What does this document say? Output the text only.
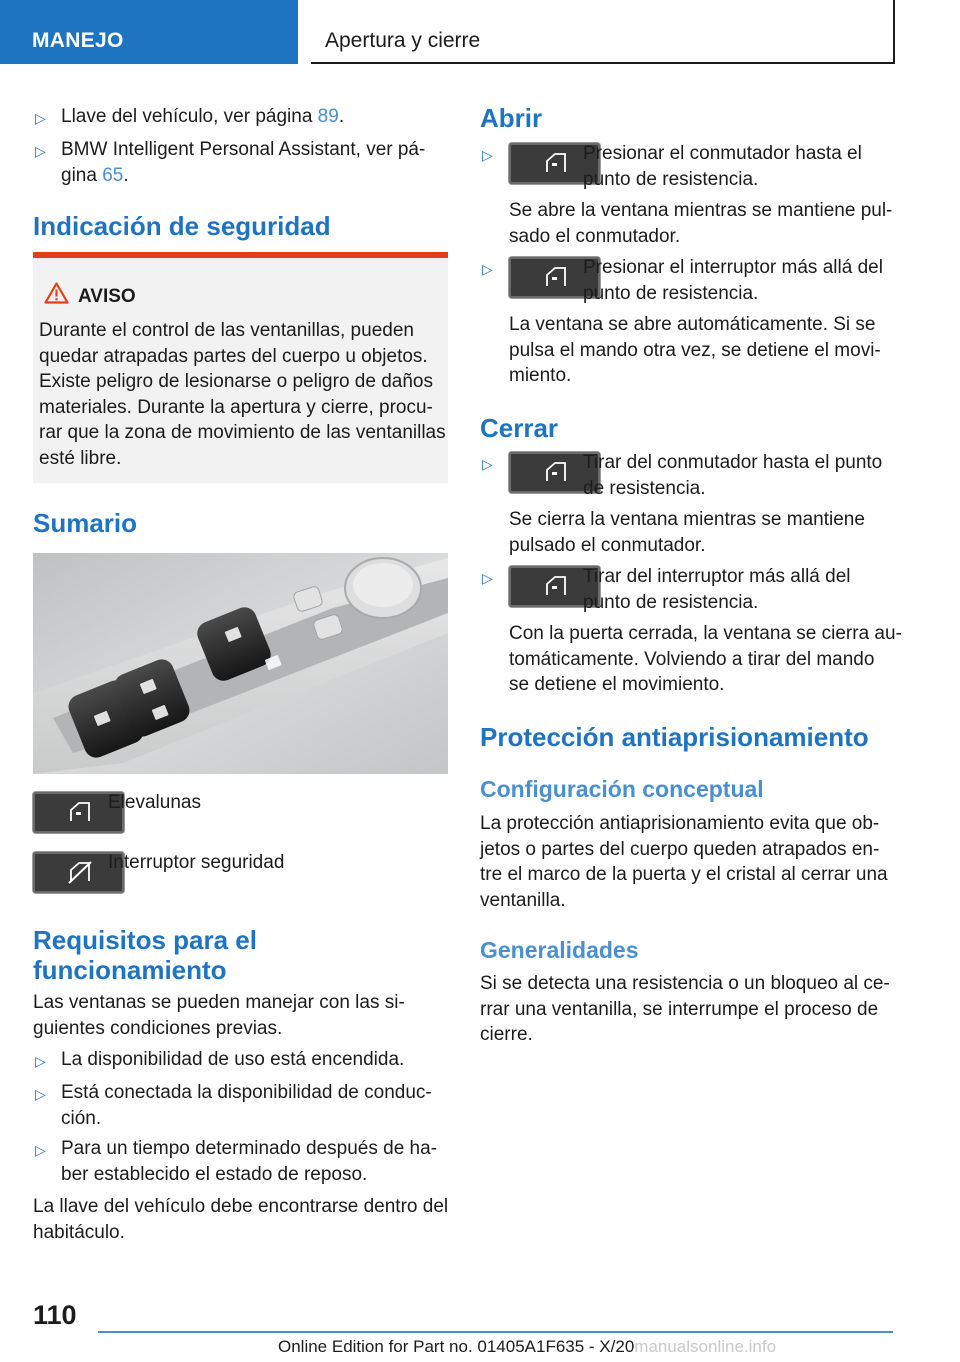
MANEJO	Apertura y cierre
▷ Llave del vehículo, ver página 89.
▷ BMW Intelligent Personal Assistant, ver pá-
gina 65.
Indicación de seguridad
AVISO
Durante el control de las ventanillas, pueden
quedar atrapadas partes del cuerpo u objetos.
Existe peligro de lesionarse o peligro de daños
materiales. Durante la apertura y cierre, procu-
rar que la zona de movimiento de las ventanillas
esté libre.
Sumario
Elevalunas
Interruptor seguridad
Requisitos para el
funcionamiento
Las ventanas se pueden manejar con las si-
guientes condiciones previas.
▷ La disponibilidad de uso está encendida.
▷ Está conectada la disponibilidad de conduc-
ción.
▷ Para un tiempo determinado después de ha-
ber establecido el estado de reposo.
La llave del vehículo debe encontrarse dentro del
habitáculo.
Abrir
▷	Presionar el conmutador hasta el
punto de resistencia.
Se abre la ventana mientras se mantiene pul-
sado el conmutador.
▷	Presionar el interruptor más allá del
punto de resistencia.
La ventana se abre automáticamente. Si se
pulsa el mando otra vez, se detiene el movi-
miento.
Cerrar
▷	Tirar del conmutador hasta el punto
de resistencia.
Se cierra la ventana mientras se mantiene
pulsado el conmutador.
▷	Tirar del interruptor más allá del
punto de resistencia.
Con la puerta cerrada, la ventana se cierra au-
tomáticamente. Volviendo a tirar del mando
se detiene el movimiento.
Protección antiaprisionamiento
Configuración conceptual
La protección antiaprisionamiento evita que ob-
jetos o partes del cuerpo queden atrapados en-
tre el marco de la puerta y el cristal al cerrar una
ventanilla.
Generalidades
Si se detecta una resistencia o un bloqueo al ce-
rrar una ventanilla, se interrumpe el proceso de
cierre.
110
Online Edition for Part no. 01405A1F635 - X/20manualsonline.info
